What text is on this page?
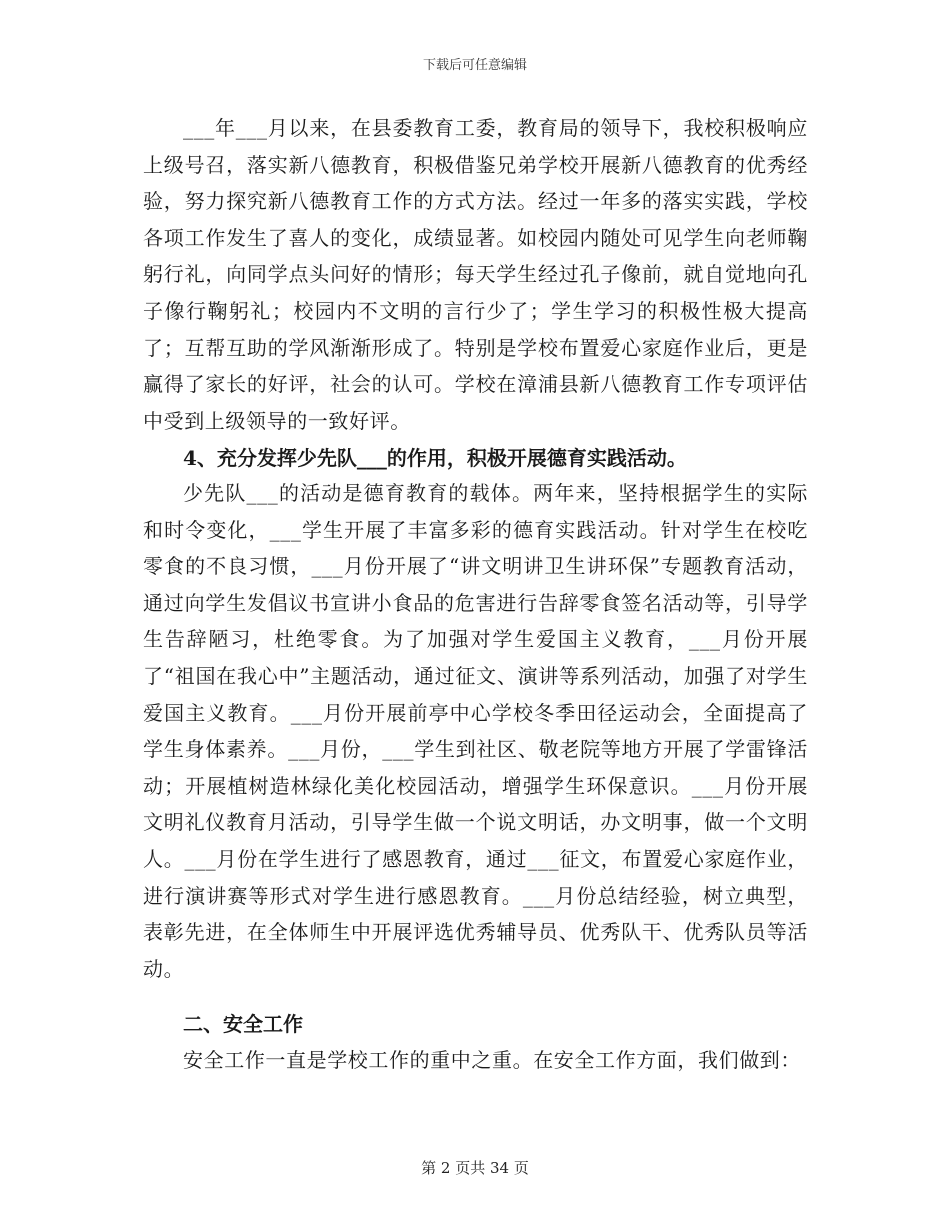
下载后可任意编辑

___年___月以来，在县委教育工委，教育局的领导下，我校积极响应上级号召，落实新八德教育，积极借鉴兄弟学校开展新八德教育的优秀经验，努力探究新八德教育工作的方式方法。经过一年多的落实实践，学校各项工作发生了喜人的变化，成绩显著。如校园内随处可见学生向老师鞠躬行礼，向同学点头问好的情形；每天学生经过孔子像前，就自觉地向孔子像行鞠躬礼；校园内不文明的言行少了；学生学习的积极性极大提高了；互帮互助的学风渐渐形成了。特别是学校布置爱心家庭作业后，更是赢得了家长的好评，社会的认可。学校在漳浦县新八德教育工作专项评估中受到上级领导的一致好评。

4、充分发挥少先队___的作用，积极开展德育实践活动。

少先队___的活动是德育教育的载体。两年来，坚持根据学生的实际和时令变化，___学生开展了丰富多彩的德育实践活动。针对学生在校吃零食的不良习惯，___月份开展了“讲文明讲卫生讲环保”专题教育活动，通过向学生发倡议书宣讲小食品的危害进行告辞零食签名活动等，引导学生告辞陋习，杜绝零食。为了加强对学生爱国主义教育，___月份开展了“祖国在我心中”主题活动，通过征文、演讲等系列活动，加强了对学生爱国主义教育。___月份开展前亭中心学校冬季田径运动会，全面提高了学生身体素养。___月份，___学生到社区、敬老院等地方开展了学雷锋活动；开展植树造林绿化美化校园活动，增强学生环保意识。___月份开展文明礼仪教育月活动，引导学生做一个说文明话，办文明事，做一个文明人。___月份在学生进行了感恩教育，通过___征文，布置爱心家庭作业，进行演讲赛等形式对学生进行感恩教育。___月份总结经验，树立典型，表彰先进，在全体师生中开展评选优秀辅导员、优秀队干、优秀队员等活动。

二、安全工作

安全工作一直是学校工作的重中之重。在安全工作方面，我们做到：

第 2 页共 34 页
